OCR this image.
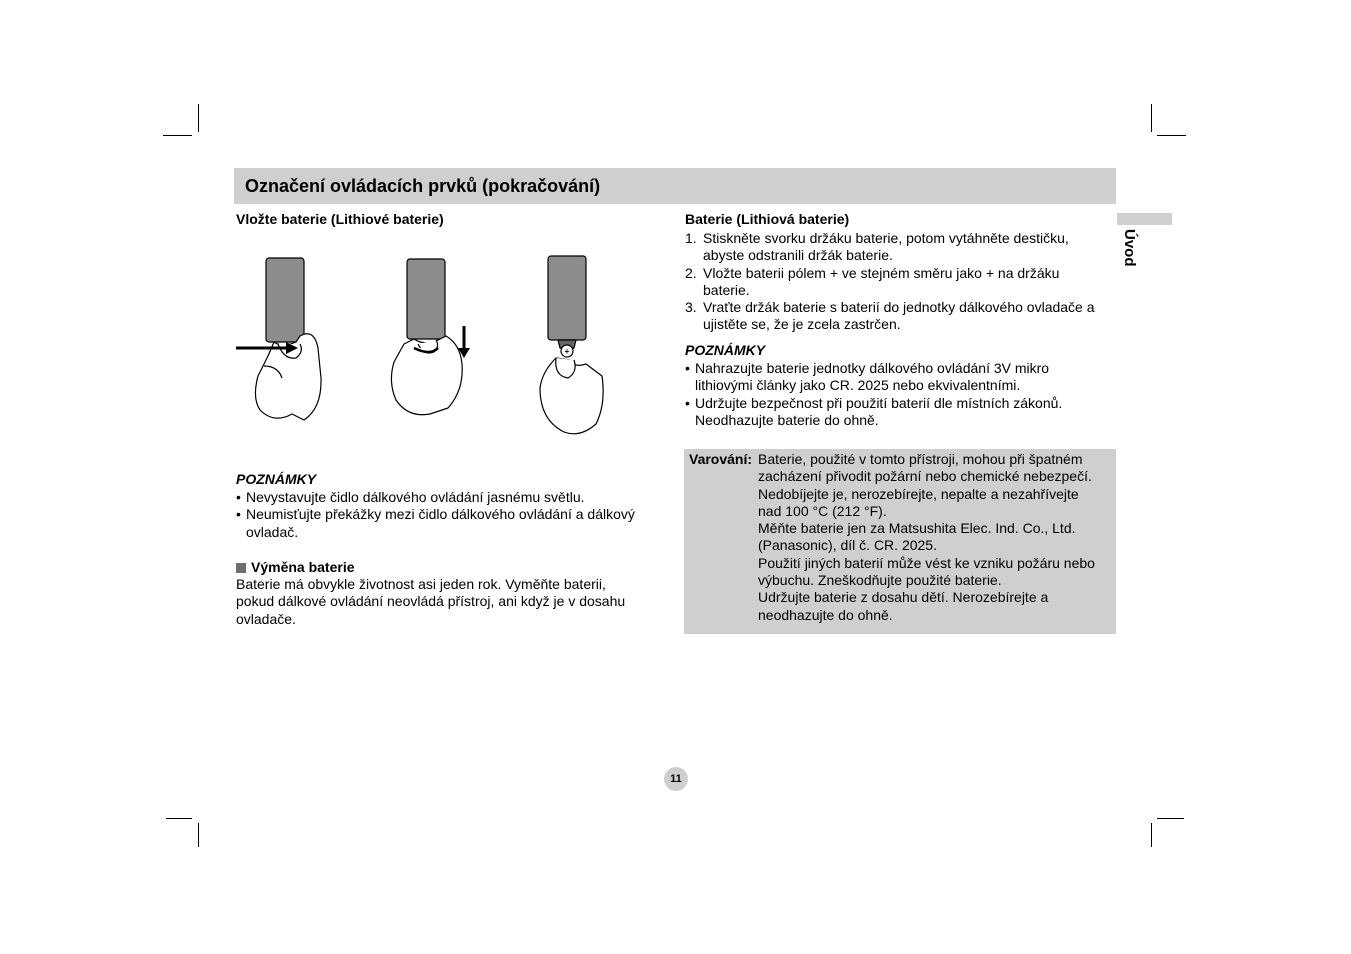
Označení ovládacích prvků (pokračování)
Úvod
Vložte baterie (Lithiové baterie)
+
POZNÁMKY
• Nevystavujte čidlo dálkového ovládání jasnému světlu.
• Neumisťujte překážky mezi čidlo dálkového ovládání a dálkový
ovladač.
Výměna baterie
Baterie má obvykle životnost asi jeden rok. Vyměňte baterii,
pokud dálkové ovládání neovládá přístroj, ani když je v dosahu
ovladače.
Baterie (Lithiová baterie)
1. Stiskněte svorku držáku baterie, potom vytáhněte destičku,
abyste odstranili držák baterie.
2. Vložte baterii pólem + ve stejném směru jako + na držáku
baterie.
3. Vraťte držák baterie s baterií do jednotky dálkového ovladače a
ujistěte se, že je zcela zastrčen.
POZNÁMKY
• Nahrazujte baterie jednotky dálkového ovládání 3V mikro
lithiovými články jako CR. 2025 nebo ekvivalentními.
• Udržujte bezpečnost při použití baterií dle místních zákonů.
Neodhazujte baterie do ohně.
Varování: Baterie, použité v tomto přístroji, mohou při špatném
zacházení přivodit požární nebo chemické nebezpečí.
Nedobíjejte je, nerozebírejte, nepalte a nezahřívejte
nad 100 °C (212 °F).
Měňte baterie jen za Matsushita Elec. Ind. Co., Ltd.
(Panasonic), díl č. CR. 2025.
Použití jiných baterií může vést ke vzniku požáru nebo
výbuchu. Zneškodňujte použité baterie.
Udržujte baterie z dosahu dětí. Nerozebírejte a
neodhazujte do ohně.
11
